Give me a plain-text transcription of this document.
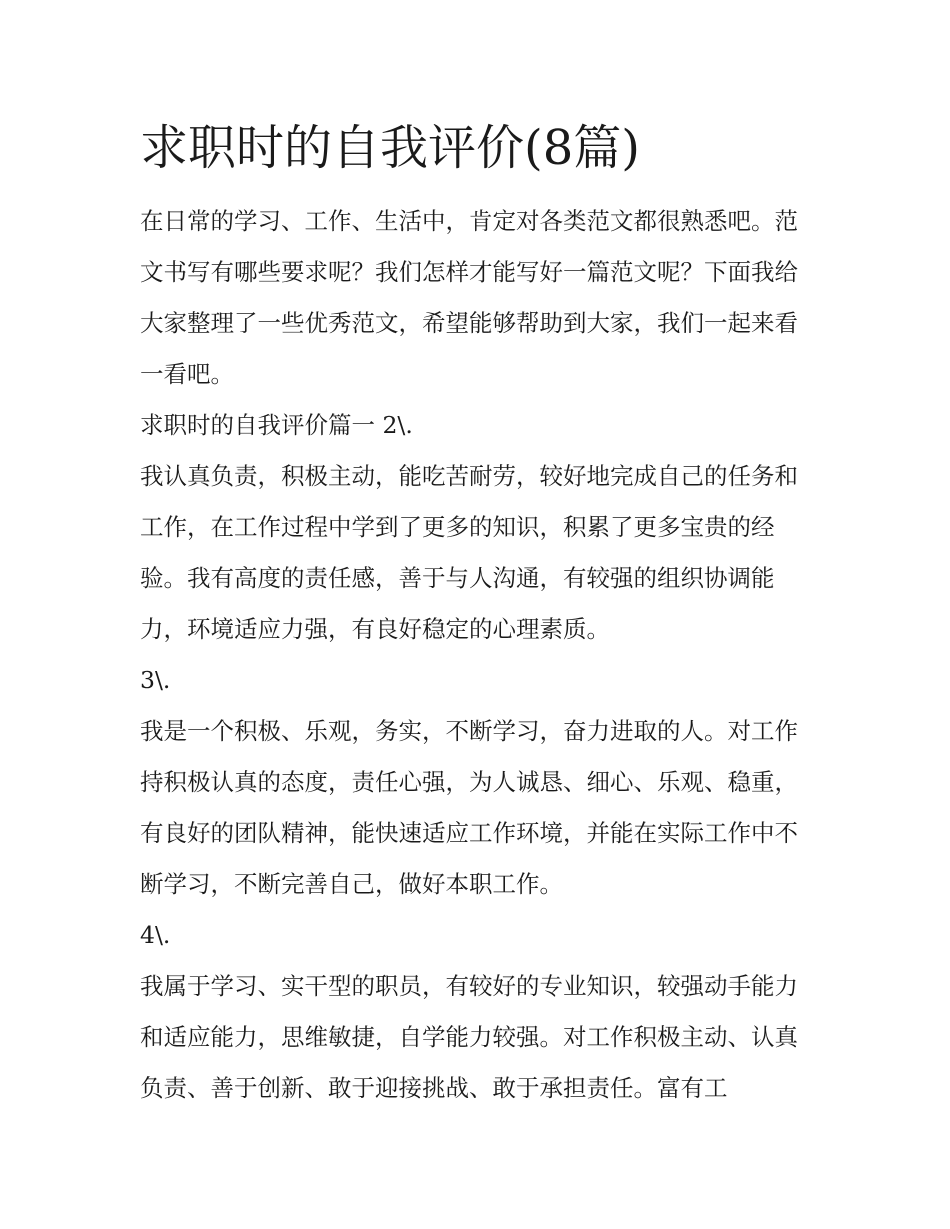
求职时的自我评价(8篇)

在日常的学习、工作、生活中，肯定对各类范文都很熟悉吧。范文书写有哪些要求呢？我们怎样才能写好一篇范文呢？下面我给大家整理了一些优秀范文，希望能够帮助到大家，我们一起来看一看吧。

求职时的自我评价篇一 2\.

我认真负责，积极主动，能吃苦耐劳，较好地完成自己的任务和工作，在工作过程中学到了更多的知识，积累了更多宝贵的经验。我有高度的责任感，善于与人沟通，有较强的组织协调能力，环境适应力强，有良好稳定的心理素质。

3\.

我是一个积极、乐观，务实，不断学习，奋力进取的人。对工作持积极认真的态度，责任心强，为人诚恳、细心、乐观、稳重，有良好的团队精神，能快速适应工作环境，并能在实际工作中不断学习，不断完善自己，做好本职工作。

4\.

我属于学习、实干型的职员，有较好的专业知识，较强动手能力和适应能力，思维敏捷，自学能力较强。对工作积极主动、认真负责、善于创新、敢于迎接挑战、敢于承担责任。富有工
